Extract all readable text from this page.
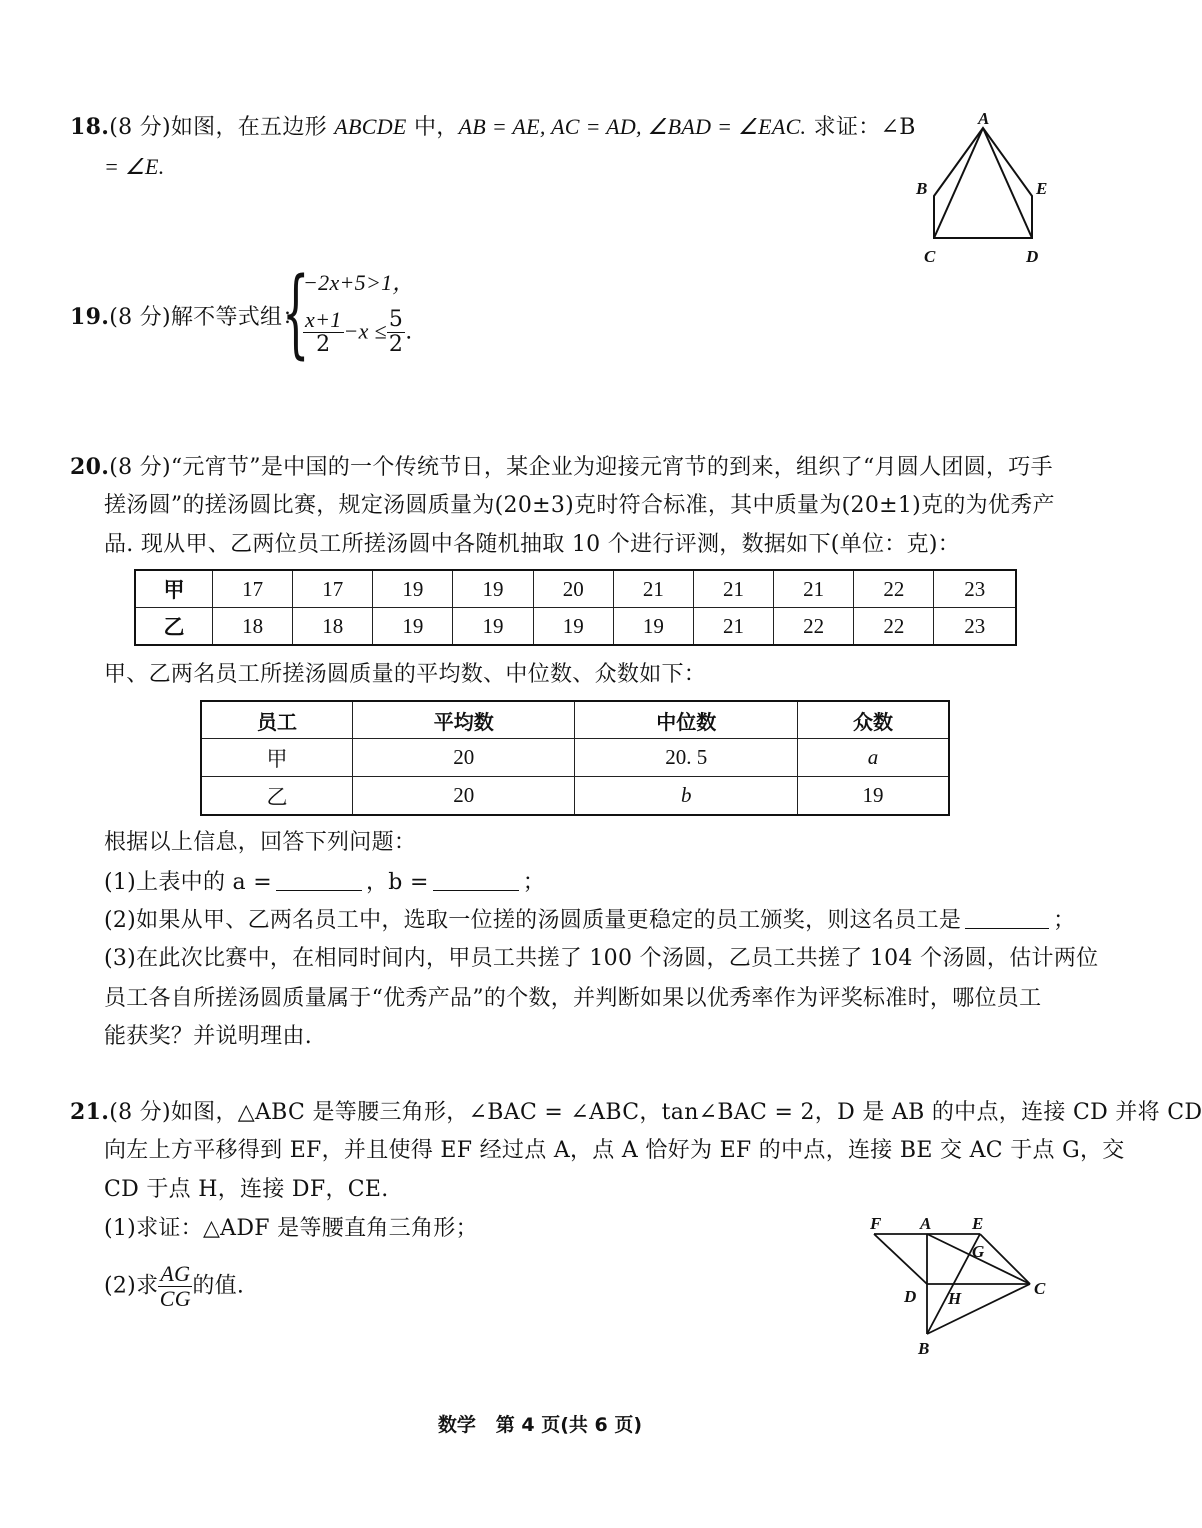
18.(8 分)如图，在五边形 ABCDE 中，AB = AE, AC = AD, ∠BAD = ∠EAC. 求证：∠B
= ∠E.
A
B	E
C	D
19.(8 分)解不等式组：
{
−2x+5>1，
$\frac{x+1}{2} -x \le \frac{5}{2}$ .
20.(8 分)“元宵节”是中国的一个传统节日，某企业为迎接元宵节的到来，组织了“月圆人团圆，巧手
搓汤圆”的搓汤圆比赛，规定汤圆质量为(20±3)克时符合标准，其中质量为(20±1)克的为优秀产
品. 现从甲、乙两位员工所搓汤圆中各随机抽取 10 个进行评测，数据如下(单位：克)：
甲	17	17	19	19	20	21	21	21	22	23
乙	18	18	19	19	19	19	21	22	22	23
甲、乙两名员工所搓汤圆质量的平均数、中位数、众数如下：
员工	平均数	中位数	众数
甲	20	20. 5	a
乙	20	b	19
根据以上信息，回答下列问题：
(1)上表中的 a =	，b =	；
(2)如果从甲、乙两名员工中，选取一位搓的汤圆质量更稳定的员工颁奖，则这名员工是	；
(3)在此次比赛中，在相同时间内，甲员工共搓了 100 个汤圆，乙员工共搓了 104 个汤圆，估计两位
员工各自所搓汤圆质量属于“优秀产品”的个数，并判断如果以优秀率作为评奖标准时，哪位员工
能获奖？并说明理由.
21.(8 分)如图，△ABC 是等腰三角形，∠BAC = ∠ABC，tan∠BAC = 2，D 是 AB 的中点，连接 CD 并将 CD
向左上方平移得到 EF，并且使得 EF 经过点 A，点 A 恰好为 EF 的中点，连接 BE 交 AC 于点 G，交
CD 于点 H，连接 DF，CE.
(1)求证：△ADF 是等腰直角三角形；
(2)求 $\frac{AG}{CG}$ 的值.
F A E
G
D H
C
B
数学 第 4 页(共 6 页)
